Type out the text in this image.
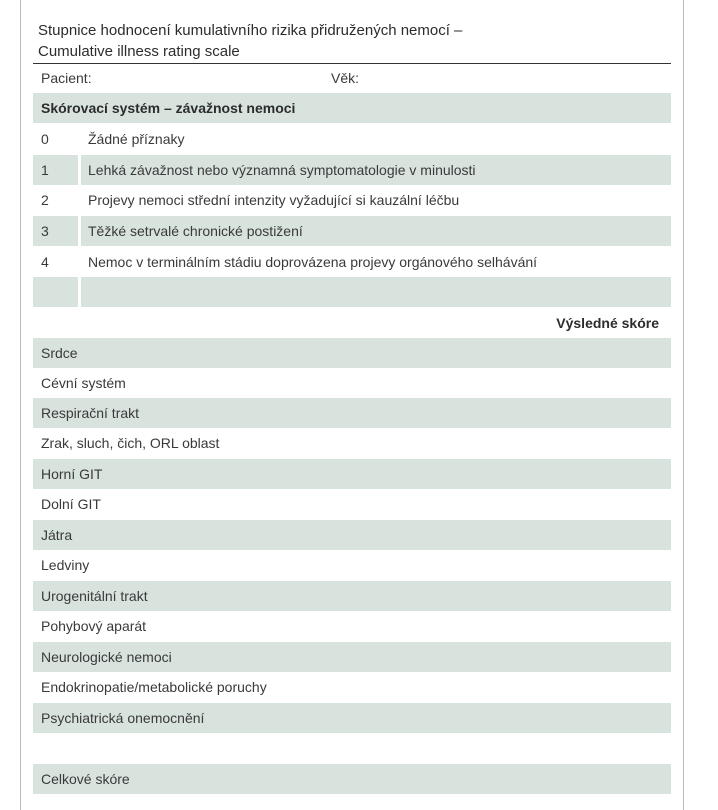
Stupnice hodnocení kumulativního rizika přidružených nemocí –
Cumulative illness rating scale
Pacient:	Věk:
Skórovací systém – závažnost nemoci
0	Žádné příznaky
1	Lehká závažnost nebo významná symptomatologie v minulosti
2	Projevy nemoci střední intenzity vyžadující si kauzální léčbu
3	Těžké setrvalé chronické postižení
4	Nemoc v terminálním stádiu doprovázena projevy orgánového selhávání
Výsledné skóre
Srdce
Cévní systém
Respirační trakt
Zrak, sluch, čich, ORL oblast
Horní GIT
Dolní GIT
Játra
Ledviny
Urogenitální trakt
Pohybový aparát
Neurologické nemoci
Endokrinopatie/metabolické poruchy
Psychiatrická onemocnění
Celkové skóre
